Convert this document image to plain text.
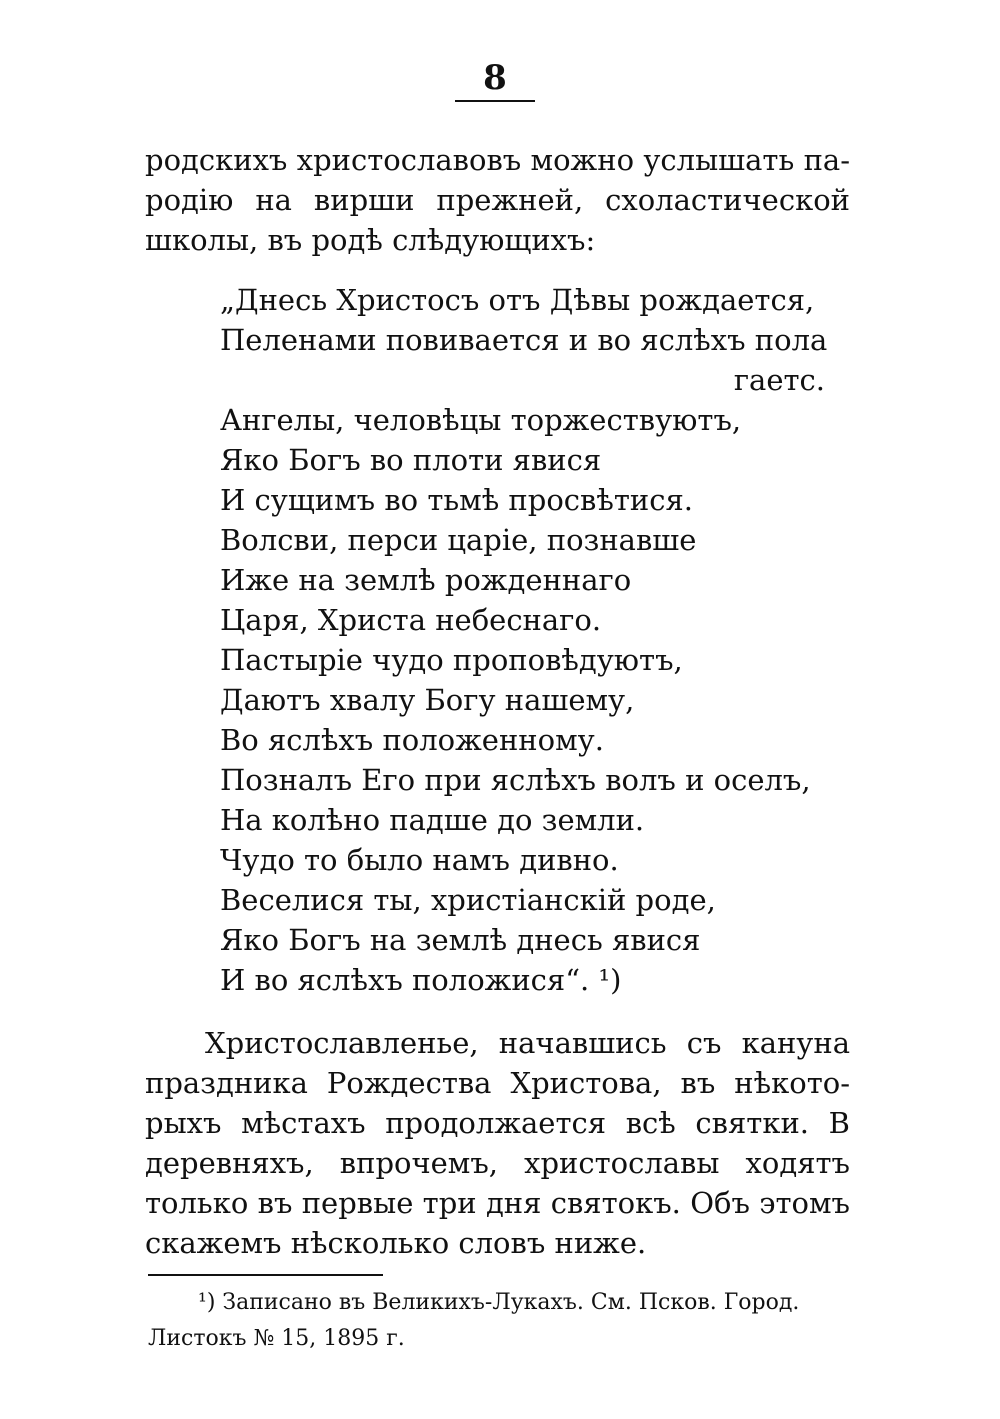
8
родскихъ христославовъ можно услышать па-
родію на вирши прежней, схоластической
школы, въ родѣ слѣдующихъ:
„Днесь Христосъ отъ Дѣвы рождается,
Пеленами повивается и во яслѣхъ пола
гаетс.
Ангелы, человѣцы торжествуютъ,
Яко Богъ во плоти явися
И сущимъ во тьмѣ просвѣтися.
Волсви, перси царіе, познавше
Иже на землѣ рожденнаго
Царя, Христа небеснаго.
Пастыріе чудо проповѣдуютъ,
Даютъ хвалу Богу нашему,
Во яслѣхъ положенному.
Позналъ Его при яслѣхъ волъ и оселъ,
На колѣно падше до земли.
Чудо то было намъ дивно.
Веселися ты, христіанскій роде,
Яко Богъ на землѣ днесь явися
И во яслѣхъ положися“. ¹)
Христославленье, начавшись съ кануна
праздника Рождества Христова, въ нѣкото-
рыхъ мѣстахъ продолжается всѣ святки. В
деревняхъ, впрочемъ, христославы ходятъ
только въ первые три дня святокъ. Объ этомъ
скажемъ нѣсколько словъ ниже.
¹) Записано въ Великихъ-Лукахъ. См. Псков. Город.
Листокъ № 15, 1895 г.
